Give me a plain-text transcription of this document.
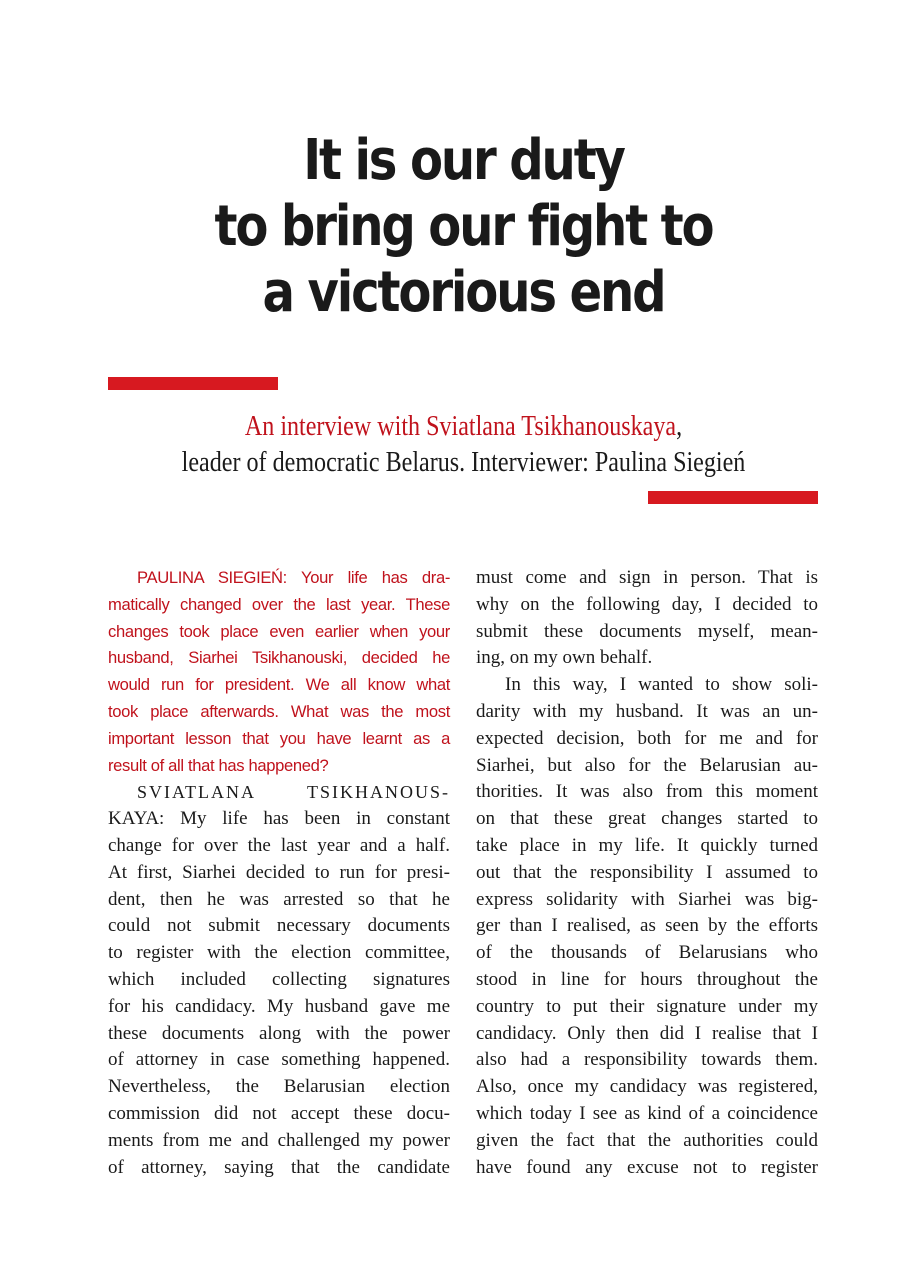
It is our duty
to bring our fight to
a victorious end
An interview with Sviatlana Tsikhanouskaya,
leader of democratic Belarus. Interviewer: Paulina Siegień
PAULINA SIEGIEŃ: Your life has dra-
matically changed over the last year. These
changes took place even earlier when your
husband, Siarhei Tsikhanouski, decided he
would run for president. We all know what
took place afterwards. What was the most
important lesson that you have learnt as a
result of all that has happened?
SVIATLANA TSIKHANOUS-
KAYA: My life has been in constant
change for over the last year and a half.
At first, Siarhei decided to run for presi-
dent, then he was arrested so that he
could not submit necessary documents
to register with the election committee,
which included collecting signatures
for his candidacy. My husband gave me
these documents along with the power
of attorney in case something happened.
Nevertheless, the Belarusian election
commission did not accept these docu-
ments from me and challenged my power
of attorney, saying that the candidate
must come and sign in person. That is
why on the following day, I decided to
submit these documents myself, mean-
ing, on my own behalf.
In this way, I wanted to show soli-
darity with my husband. It was an un-
expected decision, both for me and for
Siarhei, but also for the Belarusian au-
thorities. It was also from this moment
on that these great changes started to
take place in my life. It quickly turned
out that the responsibility I assumed to
express solidarity with Siarhei was big-
ger than I realised, as seen by the efforts
of the thousands of Belarusians who
stood in line for hours throughout the
country to put their signature under my
candidacy. Only then did I realise that I
also had a responsibility towards them.
Also, once my candidacy was registered,
which today I see as kind of a coincidence
given the fact that the authorities could
have found any excuse not to register
